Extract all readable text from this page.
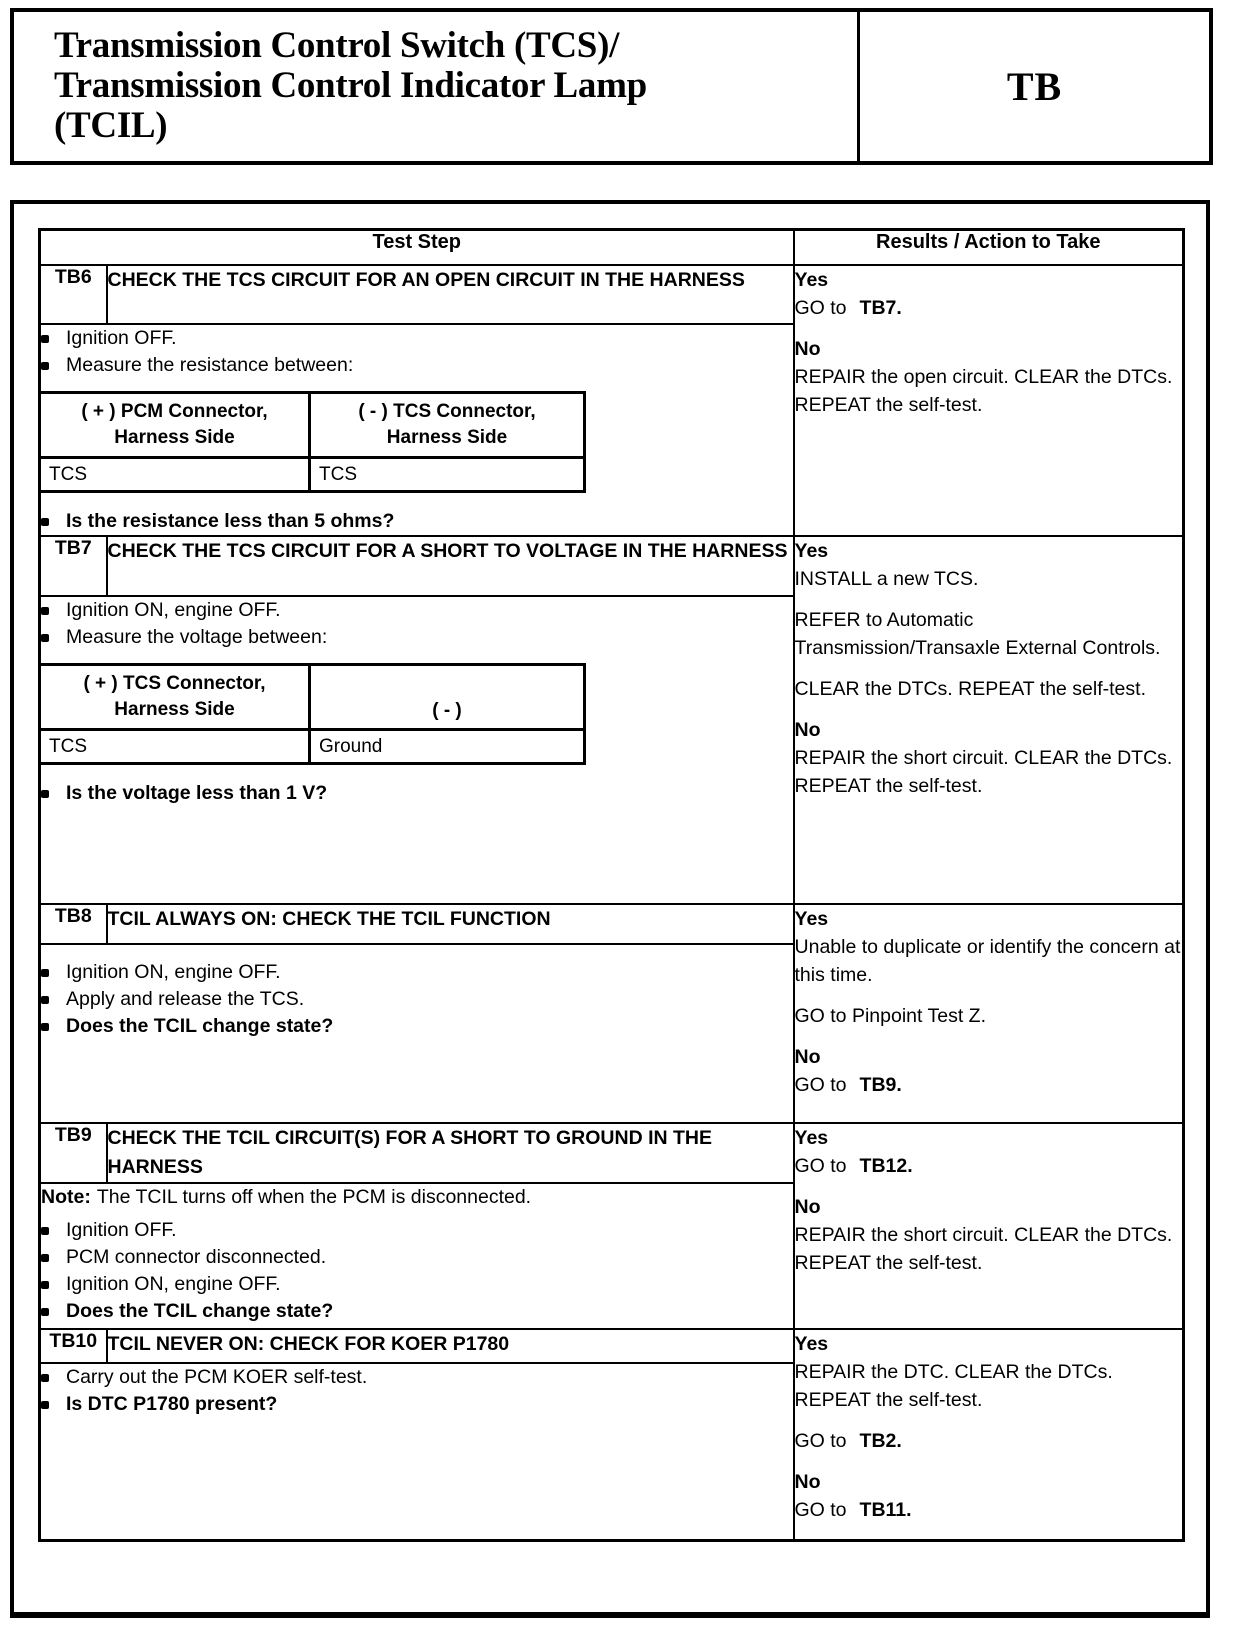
Transmission Control Switch (TCS)/
Transmission Control Indicator Lamp
(TCIL)
TB
Test Step	Results / Action to Take
TB6	CHECK THE TCS CIRCUIT FOR AN OPEN CIRCUIT IN THE HARNESS	Yes
GO to TB7.
No
REPAIR the open circuit. CLEAR the DTCs. REPEAT the self-test.

Ignition OFF.
Measure the resistance between:
( + ) PCM Connector, Harness Side	( - ) TCS Connector, Harness Side
TCS	TCS
Is the resistance less than 5 ohms?

TB7	CHECK THE TCS CIRCUIT FOR A SHORT TO VOLTAGE IN THE HARNESS	Yes
INSTALL a new TCS.
REFER to Automatic Transmission/Transaxle External Controls.
CLEAR the DTCs. REPEAT the self-test.
No
REPAIR the short circuit. CLEAR the DTCs. REPEAT the self-test.

Ignition ON, engine OFF.
Measure the voltage between:
( + ) TCS Connector, Harness Side	( - )
TCS	Ground
Is the voltage less than 1 V?

TB8	TCIL ALWAYS ON: CHECK THE TCIL FUNCTION	Yes
Unable to duplicate or identify the concern at this time.
GO to Pinpoint Test Z.
No
GO to TB9.

Ignition ON, engine OFF.
Apply and release the TCS.
Does the TCIL change state?

TB9	CHECK THE TCIL CIRCUIT(S) FOR A SHORT TO GROUND IN THE HARNESS	
Yes
GO to TB12.
No
REPAIR the short circuit. CLEAR the DTCs. REPEAT the self-test.

Note: The TCIL turns off when the PCM is disconnected.
Ignition OFF.
PCM connector disconnected.
Ignition ON, engine OFF.
Does the TCIL change state?

TB10	TCIL NEVER ON: CHECK FOR KOER P1780	Yes
REPAIR the DTC. CLEAR the DTCs. REPEAT the self-test.
GO to TB2.
No
GO to TB11.

Carry out the PCM KOER self-test.
Is DTC P1780 present?
